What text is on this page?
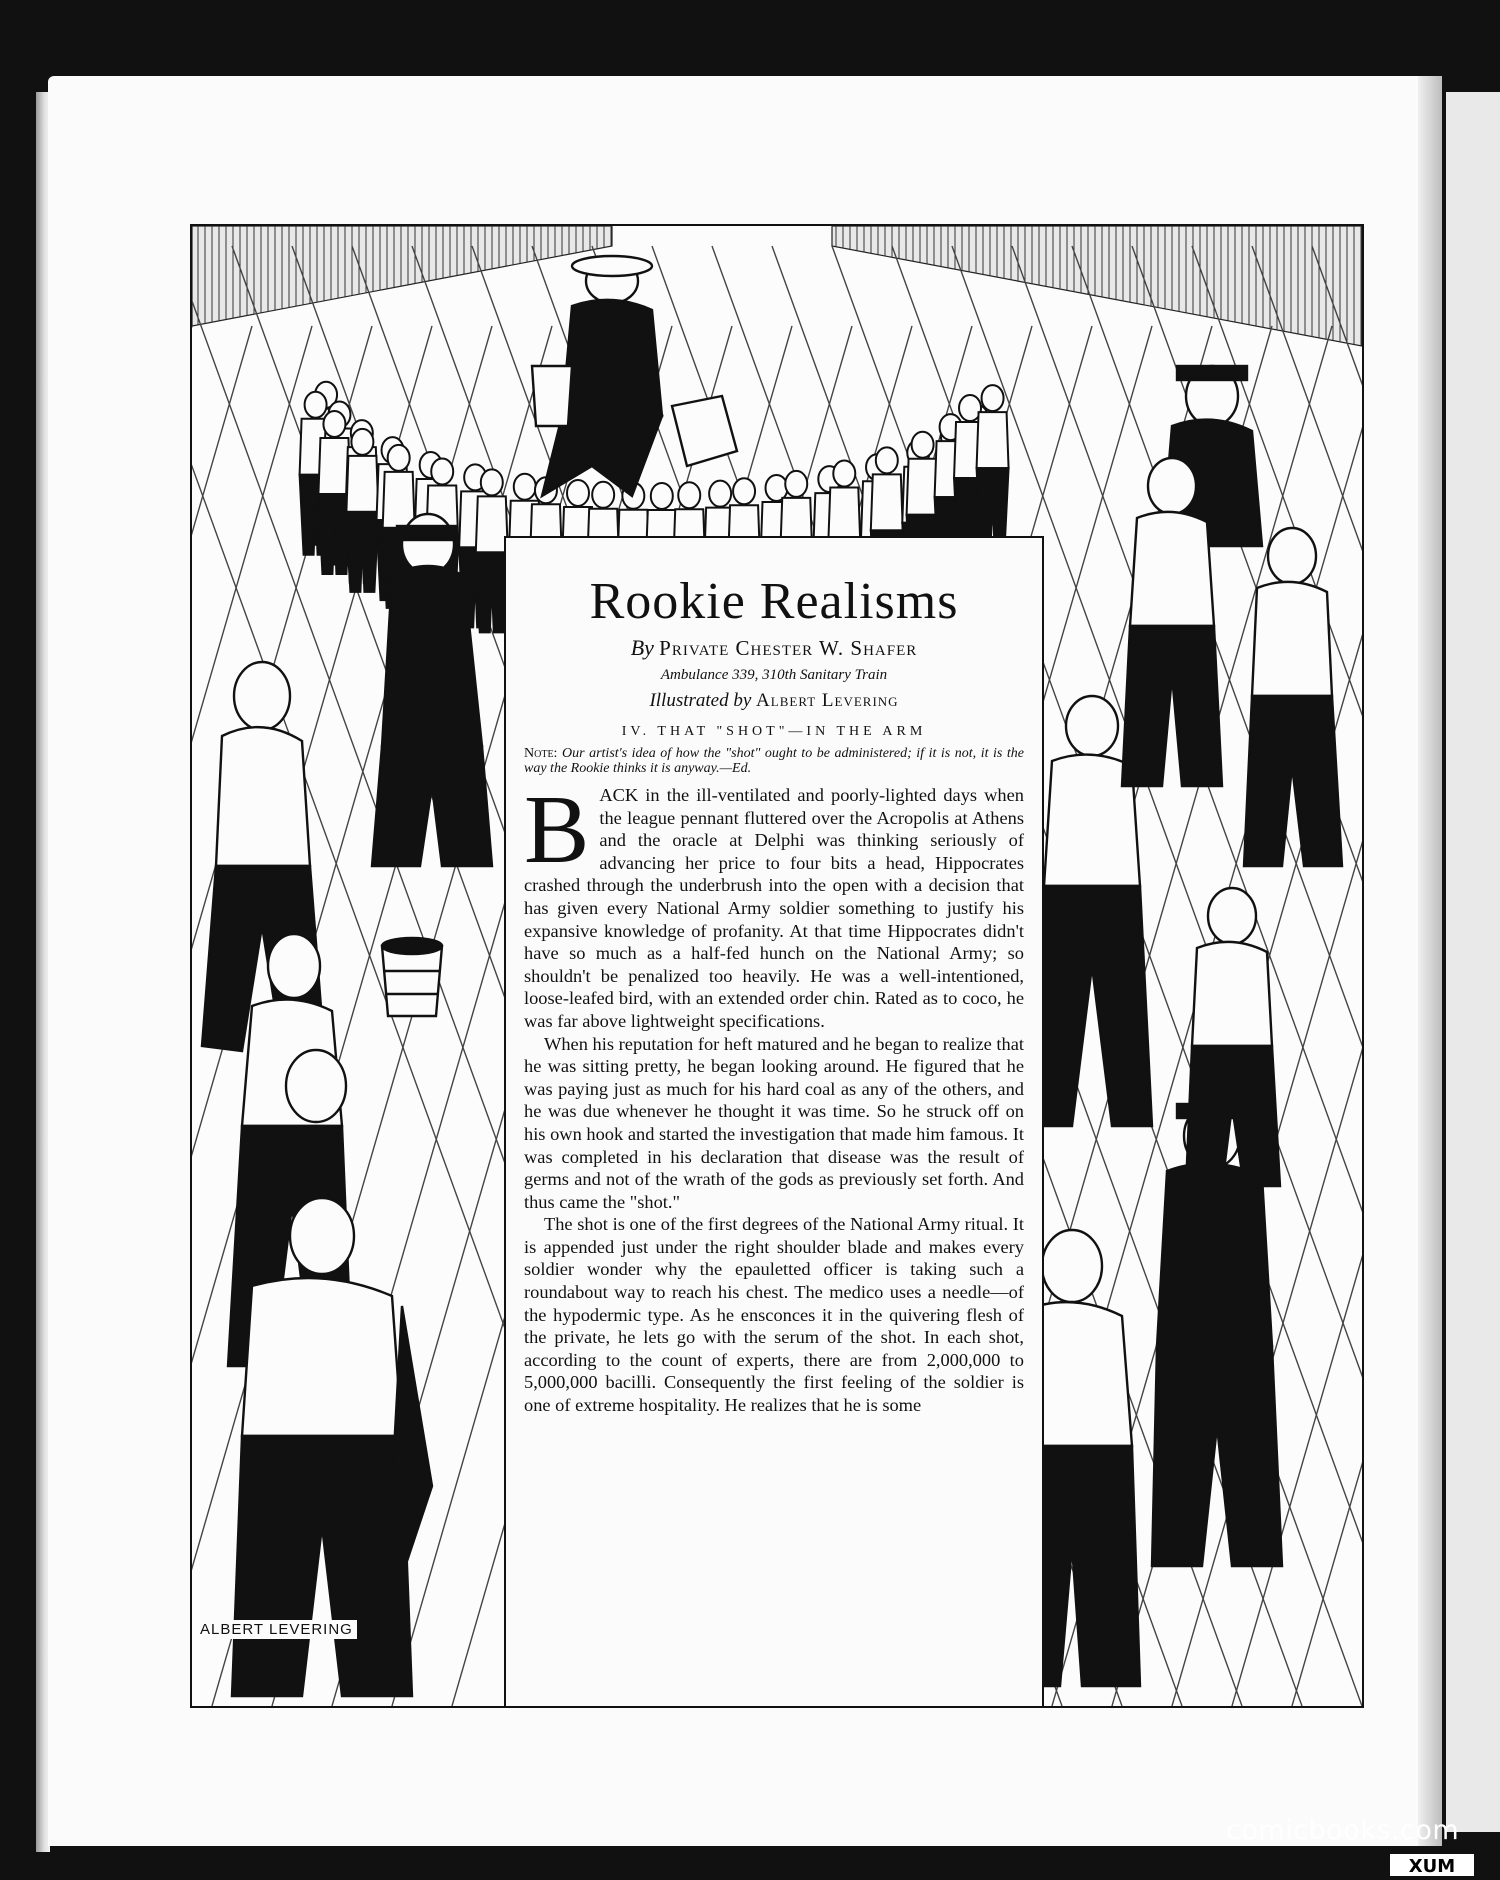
ALBERT LEVERING
Rookie Realisms

By Private Chester W. Shafer

Ambulance 339, 310th Sanitary Train

Illustrated by Albert Levering

IV. THAT "SHOT"—IN THE ARM

Note: Our artist's idea of how the "shot" ought to be administered; if it is not, it is the way the Rookie thinks it is anyway.—Ed.

BACK in the ill-ventilated and poorly-lighted days when the league pennant fluttered over the Acropolis at Athens and the oracle at Delphi was thinking seriously of advancing her price to four bits a head, Hippocrates crashed through the underbrush into the open with a decision that has given every National Army soldier something to justify his expansive knowledge of profanity. At that time Hippocrates didn't have so much as a half-fed hunch on the National Army; so shouldn't be penalized too heavily. He was a well-intentioned, loose-leafed bird, with an extended order chin. Rated as to coco, he was far above lightweight specifications.

When his reputation for heft matured and he began to realize that he was sitting pretty, he began looking around. He figured that he was paying just as much for his hard coal as any of the others, and he was due whenever he thought it was time. So he struck off on his own hook and started the investigation that made him famous. It was completed in his declaration that disease was the result of germs and not of the wrath of the gods as previously set forth. And thus came the "shot."

The shot is one of the first degrees of the National Army ritual. It is appended just under the right shoulder blade and makes every soldier wonder why the epauletted officer is taking such a roundabout way to reach his chest. The medico uses a needle—of the hypodermic type. As he ensconces it in the quivering flesh of the private, he lets go with the serum of the shot. In each shot, according to the count of experts, there are from 2,000,000 to 5,000,000 bacilli. Consequently the first feeling of the soldier is one of extreme hospitality. He realizes that he is some

comicbooks.com
XUM
